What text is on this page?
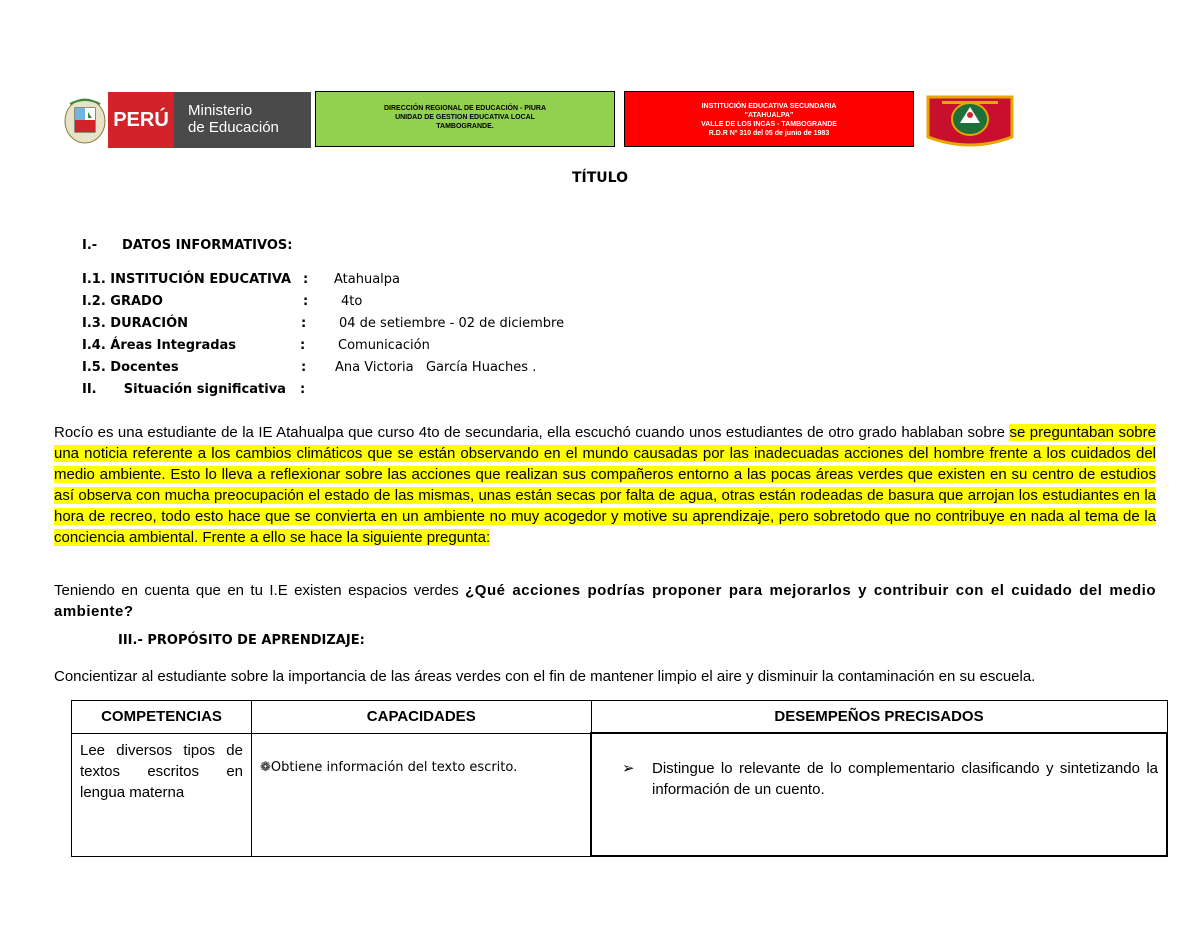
PERÚ	Ministerio
de Educación
DIRECCIÓN REGIONAL DE EDUCACIÓN - PIURA
UNIDAD DE GESTION EDUCATIVA LOCAL
TAMBOGRANDE.
INSTITUCIÓN EDUCATIVA SECUNDARIA
"ATAHUALPA"
VALLE DE LOS INCAS - TAMBOGRANDE
R.D.R Nº 310 del 05 de junio de 1983
TÍTULO
I.- DATOS INFORMATIVOS:
I.1. INSTITUCIÓN EDUCATIVA : Atahualpa
I.2. GRADO	:	4to
I.3. DURACIÓN	:	04 de setiembre - 02 de diciembre
I.4. Áreas Integradas	:	Comunicación
I.5. Docentes	: Ana Victoria   García Huaches .
II.      Situación significativa :
Rocío es una estudiante de la IE Atahualpa que curso 4to de secundaria, ella escuchó cuando unos estudiantes de otro grado hablaban sobre se preguntaban sobre una noticia referente a los cambios climáticos que se están observando en el mundo causadas por las inadecuadas acciones del hombre frente a los cuidados del medio ambiente. Esto lo lleva a reflexionar sobre las acciones que realizan sus compañeros entorno a las pocas áreas verdes que existen en su centro de estudios así observa con mucha preocupación el estado de las mismas, unas están secas por falta de agua, otras están rodeadas de basura que arrojan los estudiantes en la hora de recreo, todo esto hace que se convierta en un ambiente no muy acogedor y motive su aprendizaje, pero sobretodo que no contribuye en nada al tema de la conciencia ambiental. Frente a ello se hace la siguiente pregunta:
Teniendo en cuenta que en tu I.E existen espacios verdes ¿Qué acciones podrías proponer para mejorarlos y contribuir con el cuidado del medio ambiente?
III.- PROPÓSITO DE APRENDIZAJE:
Concientizar al estudiante sobre la importancia de las áreas verdes con el fin de mantener limpio el aire y disminuir la contaminación en su escuela.
COMPETENCIAS	CAPACIDADES	DESEMPEÑOS PRECISADOS
Lee diversos tipos de textos escritos en lengua materna	❁Obtiene información del texto escrito.	➢ Distingue lo relevante de lo complementario clasificando y sintetizando la información de un cuento.
